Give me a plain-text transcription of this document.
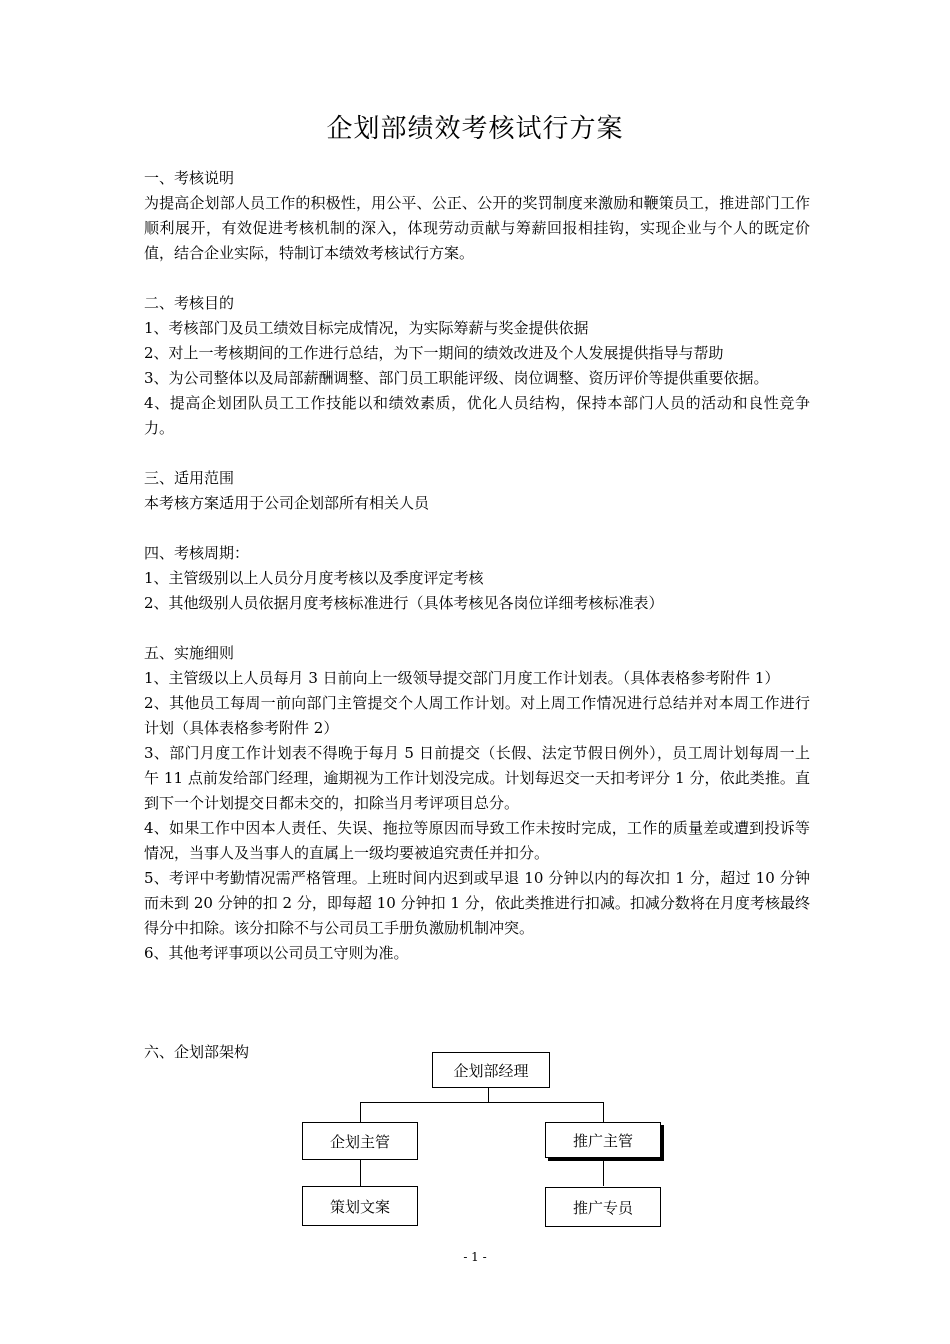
企划部绩效考核试行方案

一、考核说明

为提高企划部人员工作的积极性，用公平、公正、公开的奖罚制度来激励和鞭策员工，推进部门工作顺利展开，有效促进考核机制的深入，体现劳动贡献与筹薪回报相挂钩，实现企业与个人的既定价值，结合企业实际，特制订本绩效考核试行方案。

二、考核目的

1、考核部门及员工绩效目标完成情况，为实际筹薪与奖金提供依据

2、对上一考核期间的工作进行总结，为下一期间的绩效改进及个人发展提供指导与帮助

3、为公司整体以及局部薪酬调整、部门员工职能评级、岗位调整、资历评价等提供重要依据。

4、提高企划团队员工工作技能以和绩效素质，优化人员结构，保持本部门人员的活动和良性竞争力。

三、适用范围

本考核方案适用于公司企划部所有相关人员

四、考核周期：

1、主管级别以上人员分月度考核以及季度评定考核

2、其他级别人员依据月度考核标准进行（具体考核见各岗位详细考核标准表）

五、实施细则

1、主管级以上人员每月 3 日前向上一级领导提交部门月度工作计划表。（具体表格参考附件 1）

2、其他员工每周一前向部门主管提交个人周工作计划。对上周工作情况进行总结并对本周工作进行计划（具体表格参考附件 2）

3、部门月度工作计划表不得晚于每月 5 日前提交（长假、法定节假日例外），员工周计划每周一上午 11 点前发给部门经理，逾期视为工作计划没完成。计划每迟交一天扣考评分 1 分，依此类推。直到下一个计划提交日都未交的，扣除当月考评项目总分。

4、如果工作中因本人责任、失误、拖拉等原因而导致工作未按时完成，工作的质量差或遭到投诉等情况，当事人及当事人的直属上一级均要被追究责任并扣分。

5、考评中考勤情况需严格管理。上班时间内迟到或早退 10 分钟以内的每次扣 1 分，超过 10 分钟而未到 20 分钟的扣 2 分，即每超 10 分钟扣 1 分，依此类推进行扣减。扣减分数将在月度考核最终得分中扣除。该分扣除不与公司员工手册负激励机制冲突。

6、其他考评事项以公司员工守则为准。

六、企划部架构
企划部经理
企划主管	推广主管
策划文案	推广专员
- 1 -
